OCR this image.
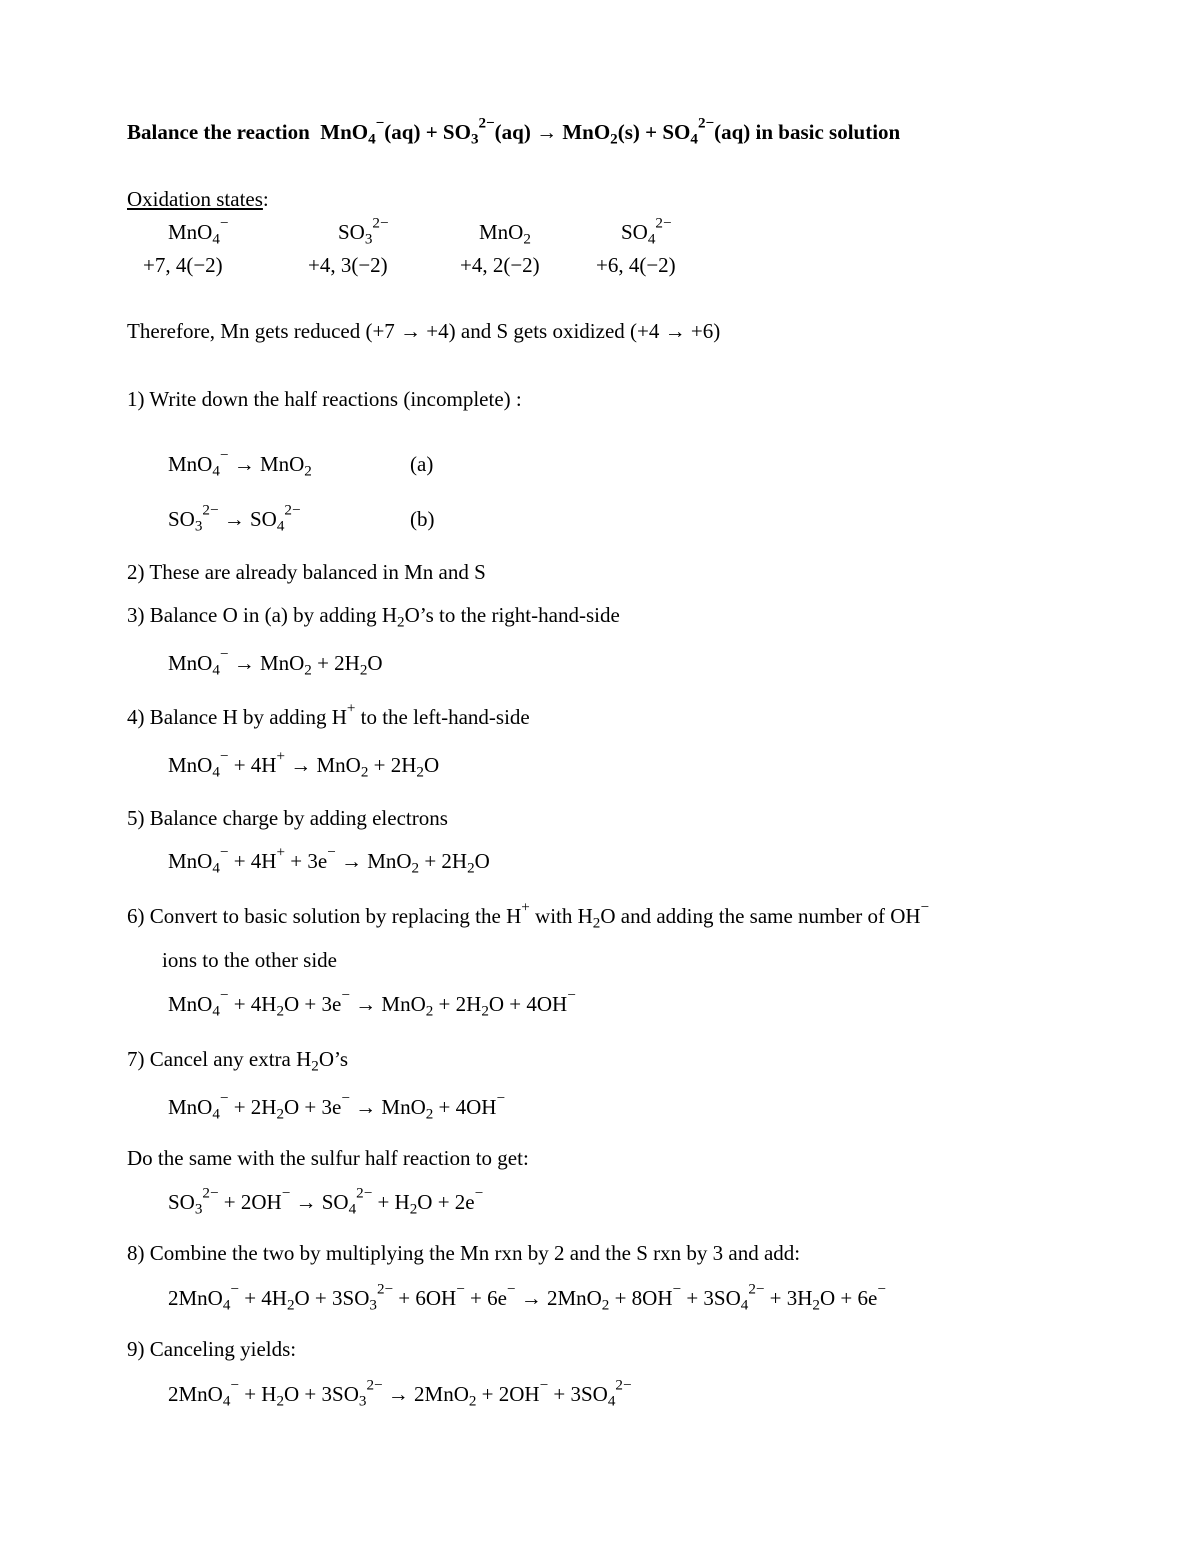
Balance the reaction $MnO_4^-(aq) + SO_3^{2-}(aq) \to MnO_2(s) + SO_4^{2-}(aq)$ in basic solution
Oxidation states:
MnO$_4$−	$SO_3^{2-}$	MnO$_2$	$SO_4^{2-}$
+7, 4(−2)	+4, 3(−2)	+4, 2(−2)	+6, 4(−2)
Therefore, Mn gets reduced (+7 → +4) and S gets oxidized (+4 → +6)
1) Write down the half reactions (incomplete) :
MnO$_4$− → MnO$_2$	(a)
$SO_3^{2-} \to SO_4^{2-}$	(b)
2) These are already balanced in Mn and S
3) Balance O in (a) by adding $H_2O’s$ to the right-hand-side
$MnO_4^- \to MnO_2 + 2H_2O$
4) Balance H by adding H+ to the left-hand-side
$MnO_4^- + 4H^+ \to MnO_2 + 2H_2O$
5) Balance charge by adding electrons
$MnO_4^- + 4H^+ + 3e^- \to MnO_2 + 2H_2O$
6) Convert to basic solution by replacing the H+ with $H_2O$ and adding the same number of OH−
ions to the other side
$MnO_4^- + 4H_2O + 3e^- \to MnO_2 + 2H_2O + 4OH^-$
7) Cancel any extra $H_2O’s$
$MnO_4^- + 2H_2O + 3e^- \to MnO_2 + 4OH^-$
Do the same with the sulfur half reaction to get:
$SO_3^{2-} + 2OH^- \to SO_4^{2-} + H_2O + 2e^-$
8) Combine the two by multiplying the Mn rxn by 2 and the S rxn by 3 and add:
$2MnO_4^- + 4H_2O + 3SO_3^{2-} + 6OH^- + 6e^- \to 2MnO_2 + 8OH^- + 3SO_4^{2-} + 3H_2O + 6e^-$
9) Canceling yields:
$2MnO_4^- + H_2O + 3SO_3^{2-} \to 2MnO_2 + 2OH^- + 3SO_4^{2-}$
